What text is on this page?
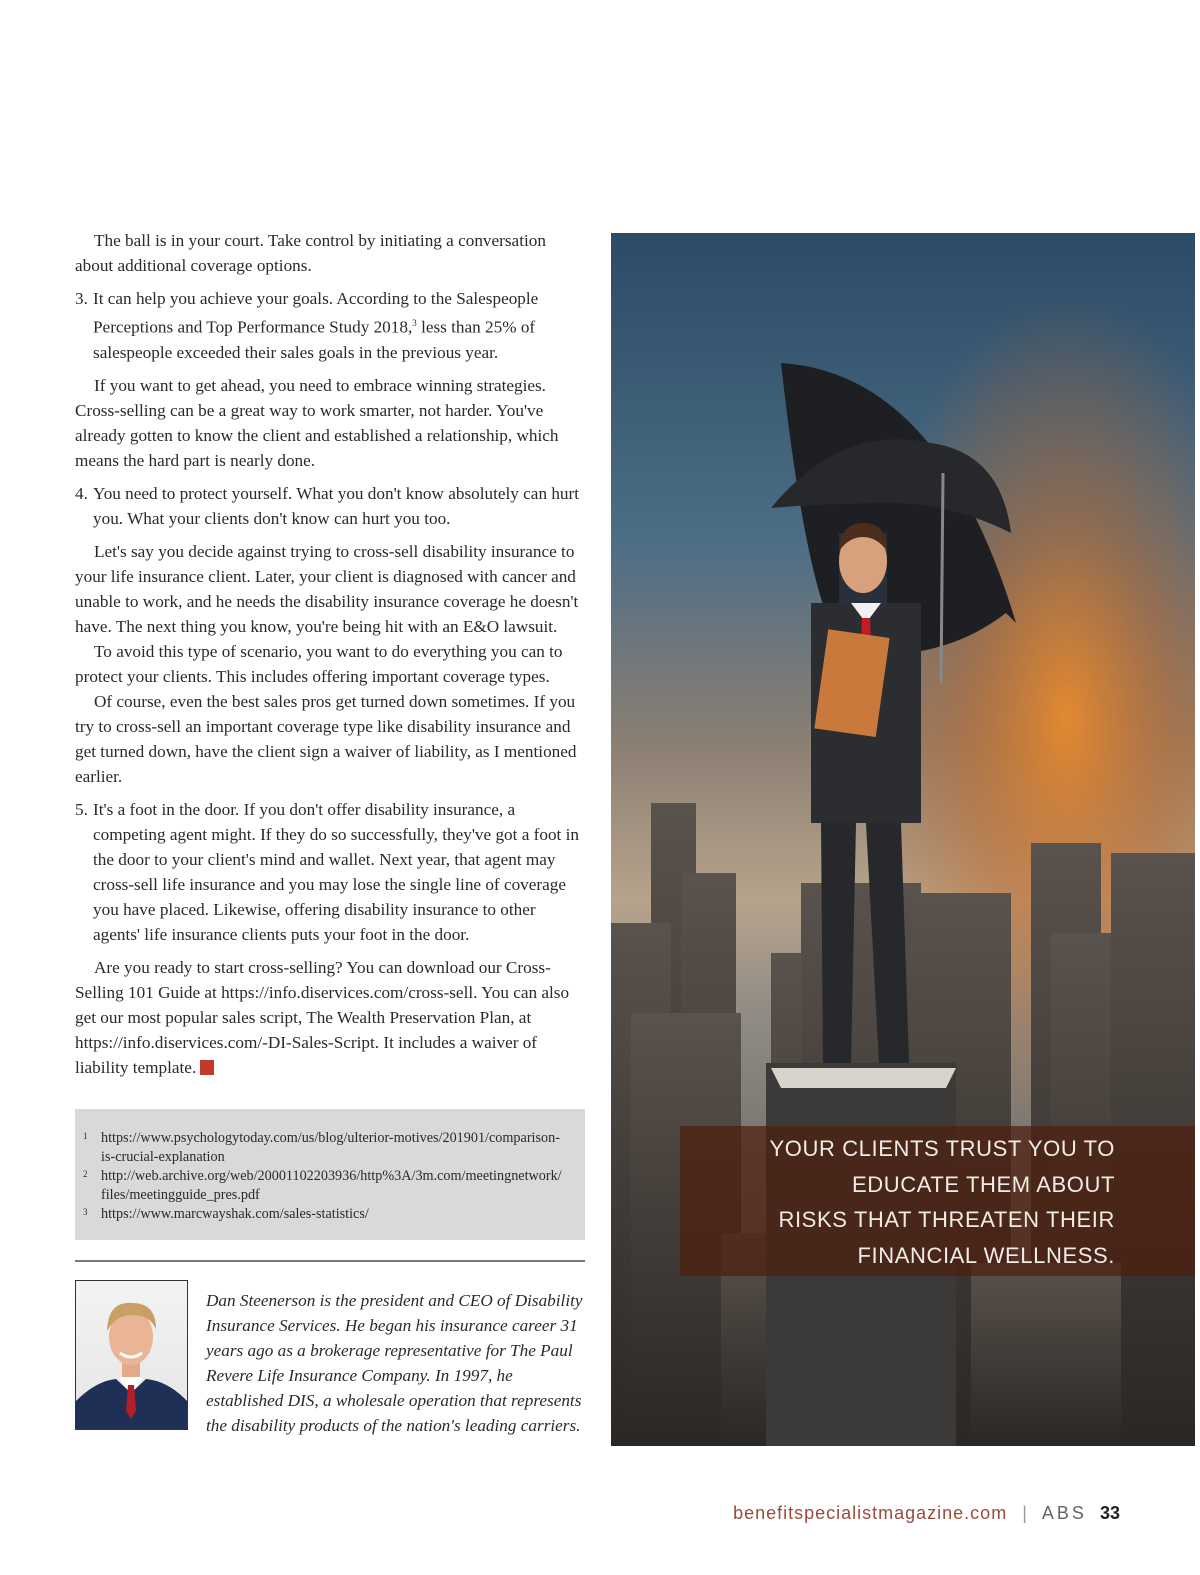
The ball is in your court. Take control by initiating a conversation about additional coverage options.

3. It can help you achieve your goals. According to the Salespeople Perceptions and Top Performance Study 2018,$^3$ less than 25% of salespeople exceeded their sales goals in the previous year.

If you want to get ahead, you need to embrace winning strategies. Cross-selling can be a great way to work smarter, not harder. You've already gotten to know the client and established a relationship, which means the hard part is nearly done.

4. You need to protect yourself. What you don't know absolutely can hurt you. What your clients don't know can hurt you too.

Let's say you decide against trying to cross-sell disability insurance to your life insurance client. Later, your client is diagnosed with cancer and unable to work, and he needs the disability insurance coverage he doesn't have. The next thing you know, you're being hit with an E&O lawsuit.

To avoid this type of scenario, you want to do everything you can to protect your clients. This includes offering important coverage types.

Of course, even the best sales pros get turned down sometimes. If you try to cross-sell an important coverage type like disability insurance and get turned down, have the client sign a waiver of liability, as I mentioned earlier.

5. It's a foot in the door. If you don't offer disability insurance, a competing agent might. If they do so successfully, they've got a foot in the door to your client's mind and wallet. Next year, that agent may cross-sell life insurance and you may lose the single line of coverage you have placed. Likewise, offering disability insurance to other agents' life insurance clients puts your foot in the door.

Are you ready to start cross-selling? You can download our Cross-Selling 101 Guide at https://info.diservices.com/cross-sell. You can also get our most popular sales script, The Wealth Preservation Plan, at https://info.diservices.com/-DI-Sales-Script. It includes a waiver of liability template.A

1 https://www.psychologytoday.com/us/blog/ulterior-motives/201901/comparison-is-crucial-explanation
2 http://web.archive.org/web/20001102203936/http%3A/3m.com/meetingnetwork/files/meetingguide_pres.pdf
3 https://www.marcwayshak.com/sales-statistics/

Dan Steenerson is the president and CEO of Disability Insurance Services. He began his insurance career 31 years ago as a brokerage representative for The Paul Revere Life Insurance Company. In 1997, he established DIS, a wholesale operation that represents the disability products of the nation's leading carriers.

YOUR CLIENTS TRUST YOU TO
EDUCATE THEM ABOUT
RISKS THAT THREATEN THEIR
FINANCIAL WELLNESS.
benefitspecialistmagazine.com | ABS 33
